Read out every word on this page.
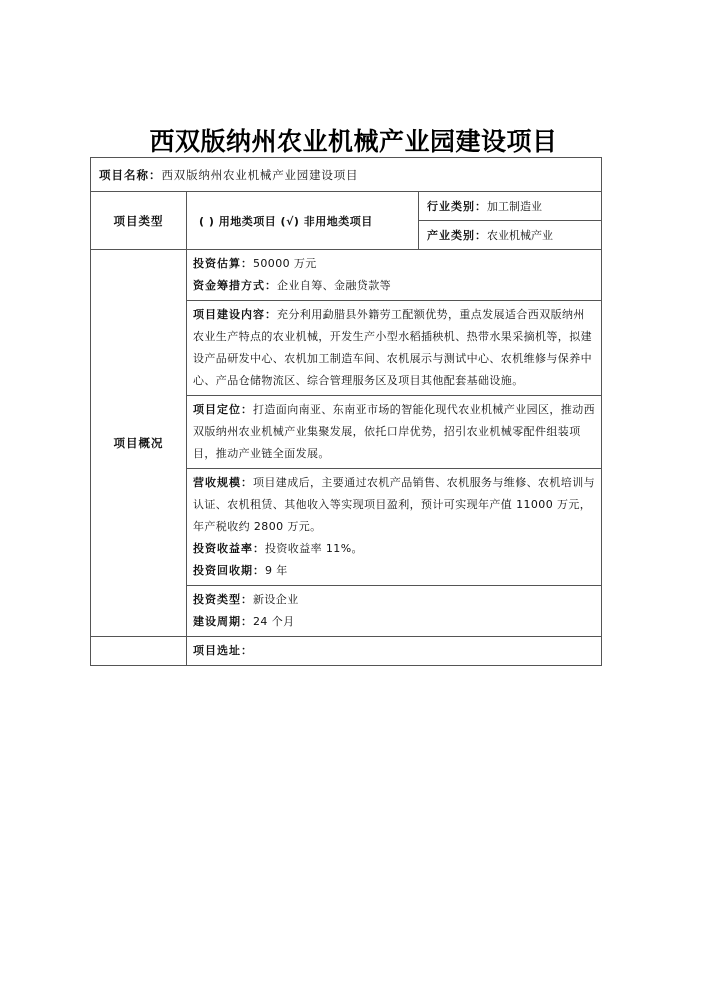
西双版纳州农业机械产业园建设项目
项目名称：西双版纳州农业机械产业园建设项目		
项目类型	( ) 用地类项目 (√) 非用地类项目	行业类别：加工制造业
		产业类别：农业机械产业
项目概况	投资估算：50000 万元

资金筹措方式：企业自筹、金融贷款等	

	项目建设内容：充分利用勐腊县外籍劳工配额优势，重点发展适合西双版纳州农业生产特点的农业机械，开发生产小型水稻插秧机、热带水果采摘机等，拟建设产品研发中心、农机加工制造车间、农机展示与测试中心、农机维修与保养中心、产品仓储物流区、综合管理服务区及项目其他配套基础设施。	

	项目定位：打造面向南亚、东南亚市场的智能化现代农业机械产业园区，推动西双版纳州农业机械产业集聚发展，依托口岸优势，招引农业机械零配件组装项目，推动产业链全面发展。	

	营收规模：项目建成后，主要通过农机产品销售、农机服务与维修、农机培训与认证、农机租赁、其他收入等实现项目盈利，预计可实现年产值 11000 万元，年产税收约 2800 万元。

投资收益率：投资收益率 11%。

投资回收期：9 年	

	投资类型：新设企业

建设周期：24 个月	

	项目选址：	
